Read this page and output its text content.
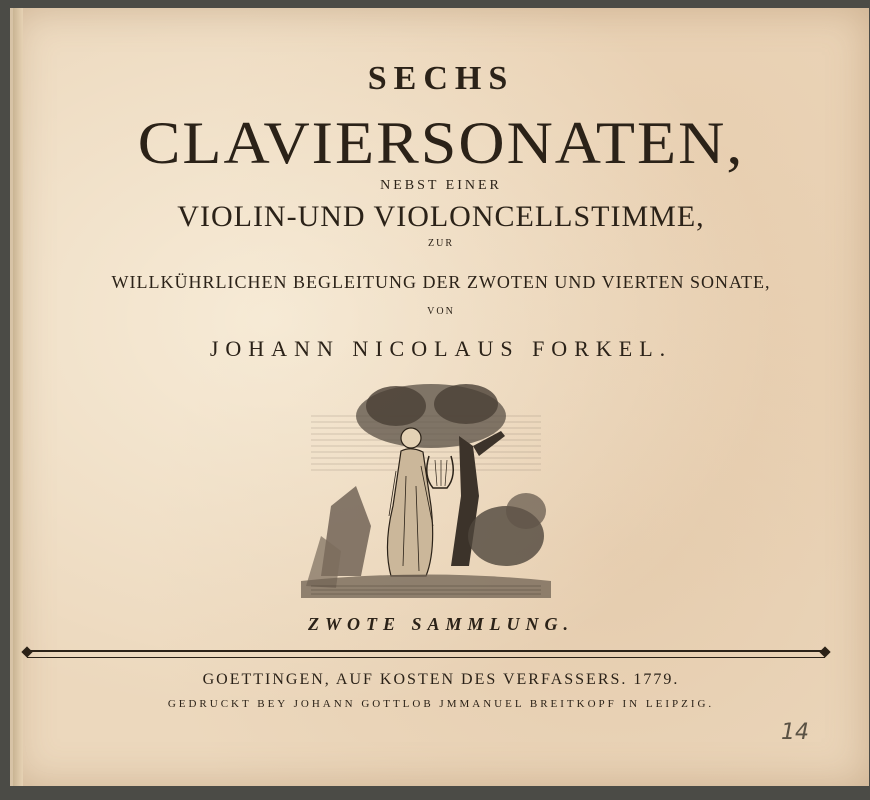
SECHS
CLAVIERSONATEN,
NEBST EINER
VIOLIN-UND VIOLONCELLSTIMME,
ZUR
WILLKÜHRLICHEN BEGLEITUNG DER ZWOTEN UND VIERTEN SONATE,
VON
JOHANN NICOLAUS FORKEL.
ZWOTE SAMMLUNG.
GOETTINGEN, AUF KOSTEN DES VERFASSERS. 1779.
GEDRUCKT BEY JOHANN GOTTLOB JMMANUEL BREITKOPF IN LEIPZIG.
14
